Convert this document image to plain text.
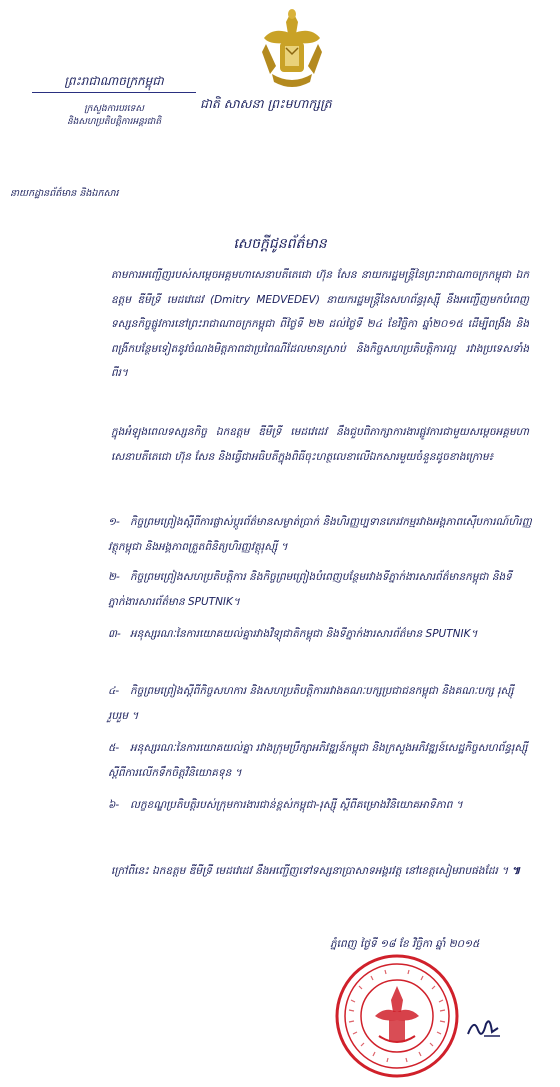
ព្រះរាជាណាចក្រកម្ពុជា
ក្រសួងការបរទេស
និងសហប្រតិបត្តិការអន្តរជាតិ
នាយកដ្ឋានព័ត៌មាន និងឯកសារ
ជាតិ សាសនា ព្រះមហាក្សត្រ
សេចក្ដីជូនព័ត៌មាន
តាមការអញ្ជើញរបស់សម្ដេចអគ្គមហាសេនាបតីតេជោ ហ៊ុន សែន នាយករដ្ឋមន្ត្រីនៃព្រះរាជាណាចក្រកម្ពុជា ឯកឧត្តម ឌីមីទ្រី មេដវេដេវ (Dmitry MEDVEDEV) នាយករដ្ឋមន្ត្រីនៃសហព័ន្ធរុស្ស៊ី នឹងអញ្ជើញមកបំពេញទស្សនកិច្ចផ្លូវការនៅព្រះរាជាណាចក្រកម្ពុជា ពីថ្ងៃទី ២២ ដល់ថ្ងៃទី ២៤ ខែវិច្ឆិកា ឆ្នាំ២០១៥ ដើម្បីពង្រឹង និងពង្រីកបន្ថែមទៀតនូវចំណងមិត្តភាពជាប្រពៃណីដែលមានស្រាប់ និងកិច្ចសហប្រតិបត្តិការល្អ រវាងប្រទេសទាំងពីរ។
ក្នុងអំឡុងពេលទស្សនកិច្ច ឯកឧត្តម ឌីមីទ្រី មេដវេដេវ នឹងជួបពិភាក្សាការងារផ្លូវការជាមួយសម្ដេចអគ្គមហាសេនាបតីតេជោ ហ៊ុន សែន និងធ្វើជាអធិបតីក្នុងពិធីចុះហត្ថលេខាលើឯកសារមួយចំនួនដូចខាងក្រោម៖
១- កិច្ចព្រមព្រៀងស្ដីពីការផ្លាស់ប្ដូរព័ត៌មានសម្ងាត់ប្រាក់ និងហិរញ្ញប្បទានភេរវកម្មរវាងអង្គភាពស៊ើបការណ៍ហិរញ្ញវត្ថុកម្ពុជា និងអង្គភាពត្រួតពិនិត្យហិរញ្ញវត្ថុរុស្ស៊ី ។
២- កិច្ចព្រមព្រៀងសហប្រតិបត្តិការ និងកិច្ចព្រមព្រៀងបំពេញបន្ថែមរវាងទីភ្នាក់ងារសារព័ត៌មានកម្ពុជា និងទីភ្នាក់ងារសារព័ត៌មាន SPUTNIK។
៣- អនុស្សរណៈនៃការយោគយល់គ្នារវាងវិទ្យុជាតិកម្ពុជា និងទីភ្នាក់ងារសារព័ត៌មាន SPUTNIK។
៤- កិច្ចព្រមព្រៀងស្ដីពីកិច្ចសហការ និងសហប្រតិបត្តិការរវាងគណៈបក្សប្រជាជនកម្ពុជា និងគណៈបក្ស រុស្ស៊ីរួបរួម ។
៥- អនុស្សរណៈនៃការយោគយល់គ្នា រវាងក្រុមប្រឹក្សាអភិវឌ្ឍន៍កម្ពុជា និងក្រសួងអភិវឌ្ឍន៍សេដ្ឋកិច្ចសហព័ន្ធរុស្ស៊ី ស្ដីពីការលើកទឹកចិត្តវិនិយោគទុន ។
៦- លក្ខខណ្ឌប្រតិបត្តិរបស់ក្រុមការងារជាន់ខ្ពស់កម្ពុជា-រុស្ស៊ី ស្ដីពីគម្រោងវិនិយោគអាទិភាព ។
ក្រៅពីនេះ ឯកឧត្តម ឌីមីទ្រី មេដវេដេវ នឹងអញ្ជើញទៅទស្សនាប្រាសាទអង្គរវត្ត នៅខេត្តសៀមរាបផងដែរ ។ ៕
ភ្នំពេញ ថ្ងៃទី ១៨ ខែ វិច្ឆិកា ឆ្នាំ ២០១៥
